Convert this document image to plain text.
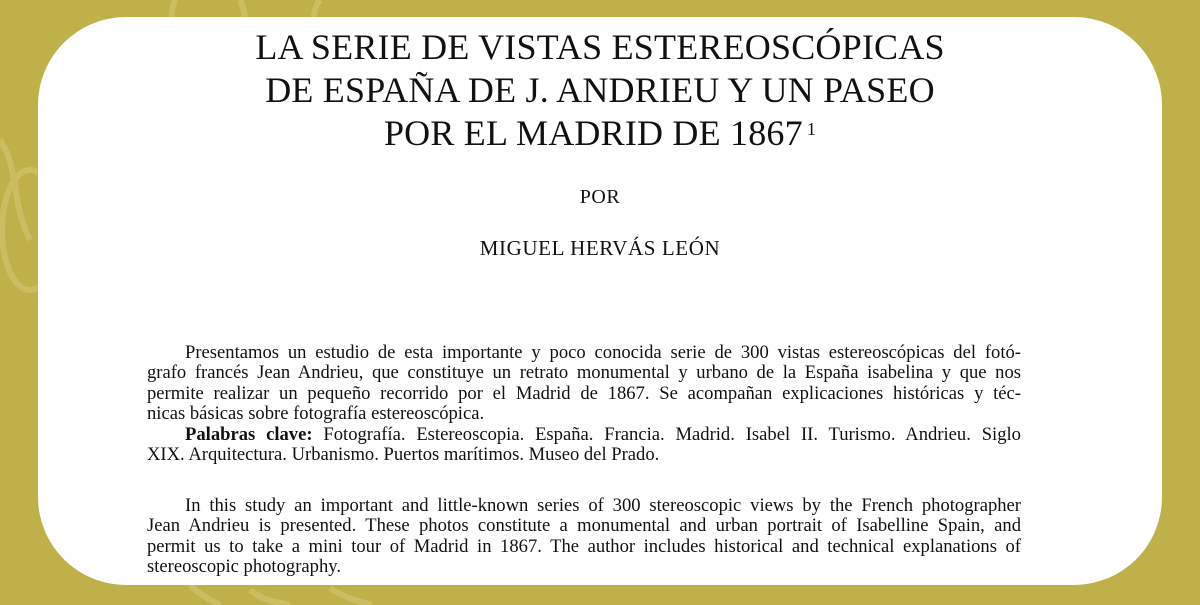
LA SERIE DE VISTAS ESTEREOSCÓPICAS
DE ESPAÑA DE J. ANDRIEU Y UN PASEO
POR EL MADRID DE 1867 $^1$
POR
MIGUEL HERVÁS LEÓN
Presentamos un estudio de esta importante y poco conocida serie de 300 vistas estereoscópicas del fotó-
grafo francés Jean Andrieu, que constituye un retrato monumental y urbano de la España isabelina y que nos
permite realizar un pequeño recorrido por el Madrid de 1867. Se acompañan explicaciones históricas y téc-
nicas básicas sobre fotografía estereoscópica.
Palabras clave: Fotografía. Estereoscopia. España. Francia. Madrid. Isabel II. Turismo. Andrieu. Siglo
XIX. Arquitectura. Urbanismo. Puertos marítimos. Museo del Prado.
In this study an important and little-known series of 300 stereoscopic views by the French photographer
Jean Andrieu is presented. These photos constitute a monumental and urban portrait of Isabelline Spain, and
permit us to take a mini tour of Madrid in 1867. The author includes historical and technical explanations of
stereoscopic photography.
